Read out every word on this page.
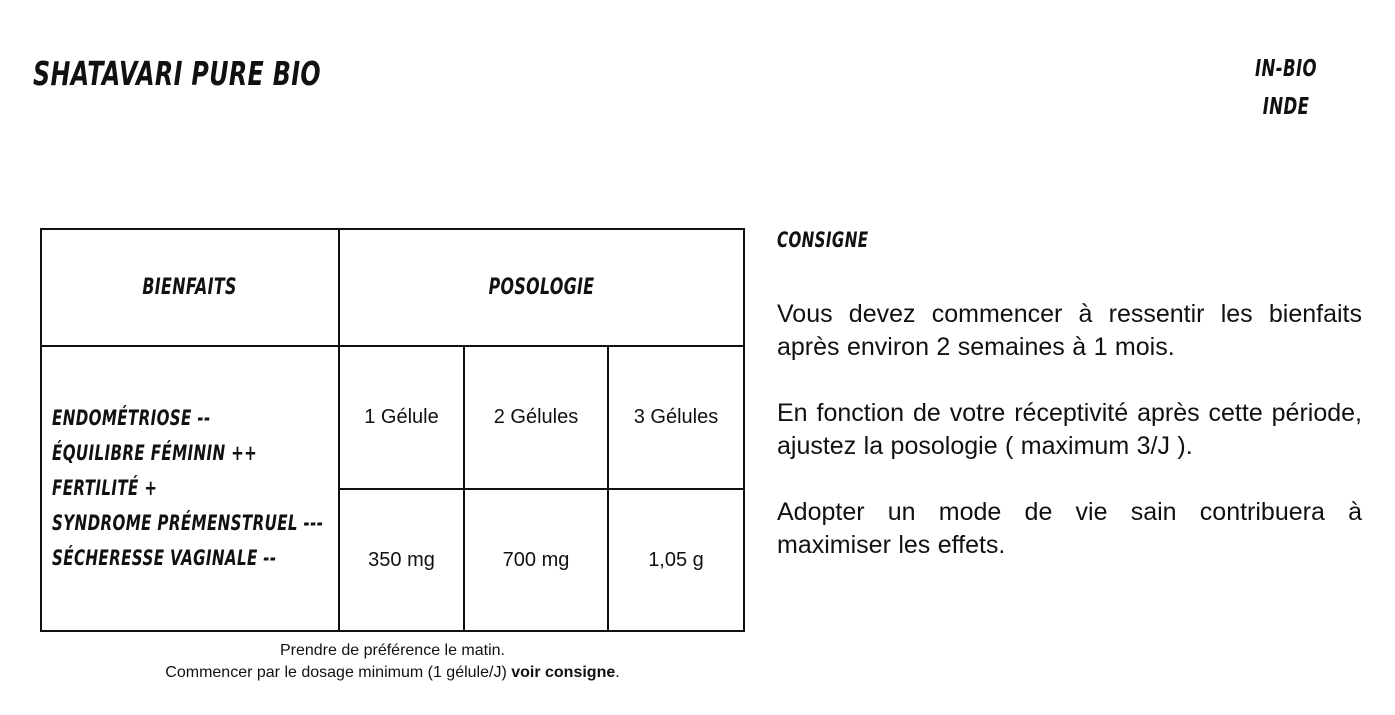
SHATAVARI PURE BIO	IN-BIO
INDE
BIENFAITS	POSOLOGIE
ENDOMÉTRIOSE --
ÉQUILIBRE FÉMININ ++
FERTILITÉ +
SYNDROME PRÉMENSTRUEL ---
SÉCHERESSE VAGINALE --
1 Gélule	2 Gélules	3 Gélules
350 mg	700 mg	1,05 g
Prendre de préférence le matin.
Commencer par le dosage minimum (1 gélule/J) voir consigne.
CONSIGNE

Vous devez commencer à ressentir les bienfaits après environ 2 semaines à 1 mois.

En fonction de votre réceptivité après cette période, ajustez la posologie ( maximum 3/J ).

Adopter un mode de vie sain contribuera à maximiser les effets.
